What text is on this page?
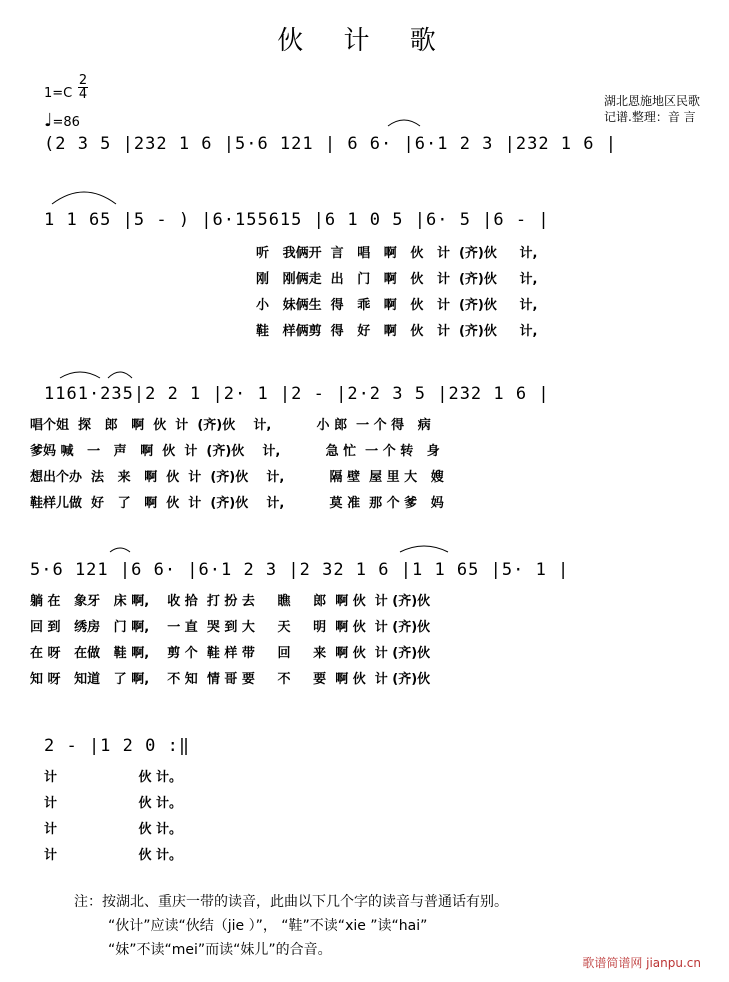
伙 计 歌
1=C
2
4
♩=86
湖北恩施地区民歌
记谱.整理：音 言
(2 3 5 |232 1 6 |5·6 121 | 6 6· |6·1 2 3 |232 1 6 |
1 1 65 |5 - ) |6·155615 |6 1 0 5 |6· 5 |6 - |
听   我俩开  言   唱   啊   伙   计  (齐)伙     计,
刚   刚俩走  出   门   啊   伙   计  (齐)伙     计,
小   妹俩生  得   乖   啊   伙   计  (齐)伙     计,
鞋   样俩剪  得   好   啊   伙   计  (齐)伙     计,
1161·235|2 2 1 |2· 1 |2 - |2·2 3 5 |232 1 6 |
唱个姐  探   郎   啊  伙  计  (齐)伙    计,          小 郎  一 个 得   病
爹妈 喊   一   声   啊  伙  计  (齐)伙    计,          急 忙  一 个 转   身
想出个办  法   来   啊  伙  计  (齐)伙    计,          隔 壁  屋 里 大   嫂
鞋样儿做  好   了   啊  伙  计  (齐)伙    计,          莫 准  那 个 爹   妈
5·6 121 |6 6· |6·1 2 3 |2 32 1 6 |1 1 65 |5· 1 |
躺 在   象牙   床 啊,    收 拾  打 扮 去     瞧     郎  啊 伙  计 (齐)伙
回 到   绣房   门 啊,    一 直  哭 到 大     天     明  啊 伙  计 (齐)伙
在 呀   在做   鞋 啊,    剪 个  鞋 样 带     回     来  啊 伙  计 (齐)伙
知 呀   知道   了 啊,    不 知  情 哥 要     不     要  啊 伙  计 (齐)伙
2 - |1 2 0 :‖
计                  伙 计。
计                  伙 计。
计                  伙 计。
计                  伙 计。
注：按湖北、重庆一带的读音，此曲以下几个字的读音与普通话有别。
“伙计”应读“伙结（jie ）”， “鞋”不读“xie ”读“hai”
“妹”不读“mei”而读“妹儿”的合音。
歌谱简谱网 jianpu.cn
